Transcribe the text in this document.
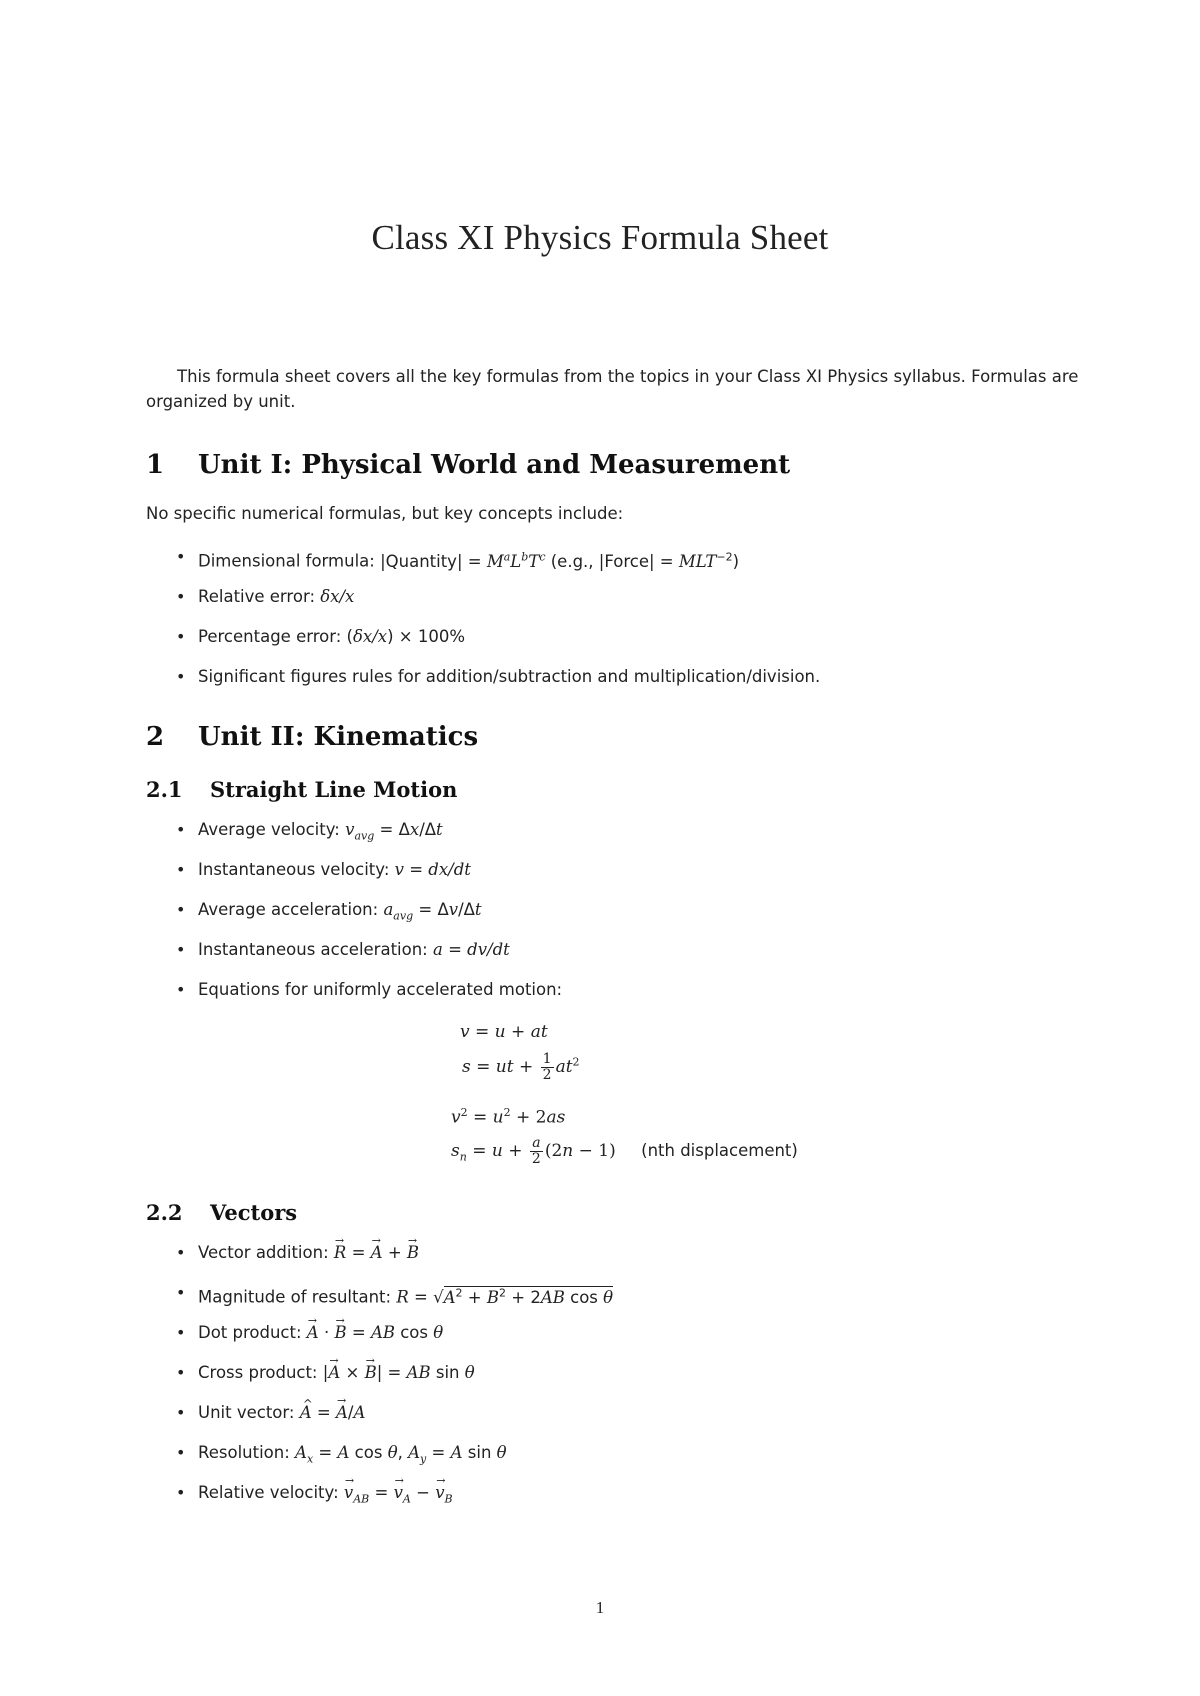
Class XI Physics Formula Sheet
This formula sheet covers all the key formulas from the topics in your Class XI Physics syllabus. Formulas are organized by unit.
1 Unit I: Physical World and Measurement
No specific numerical formulas, but key concepts include:
• Dimensional formula: |Quantity| = $M^aL^bT^c$ (e.g., |Force| = $MLT^{-2}$)
• Relative error: δx/x
• Percentage error: (δx/x) × 100%
• Significant figures rules for addition/subtraction and multiplication/division.
2 Unit II: Kinematics
2.1 Straight Line Motion
• Average velocity: $v_{avg} = \Delta x/\Delta t$
• Instantaneous velocity: v = dx/dt
• Average acceleration: $a_{avg} = \Delta v/\Delta t$
• Instantaneous acceleration: a = dv/dt
• Equations for uniformly accelerated motion:
v = u + at
s = ut + $\frac{1}{2} at^2$
$v^2 = u^2 + 2as$
$s_n = u + \frac{a}{2} (2n - 1)$ (nth displacement)
2.2 Vectors
• Vector addition: R → = A → + B →
• Magnitude of resultant: $R = √A^2 + B^2 + 2AB$ cos θ
• Dot product: A → · B → = AB cos θ
• Cross product: |A → × B →| = AB sin θ
• Unit vector: A ^ = A →/A
• Resolution: $A_x = A$ cos θ, $A_y = A$ sin θ
• Relative velocity: $v \to_{AB} = v \to_A - v \to_B$
1
